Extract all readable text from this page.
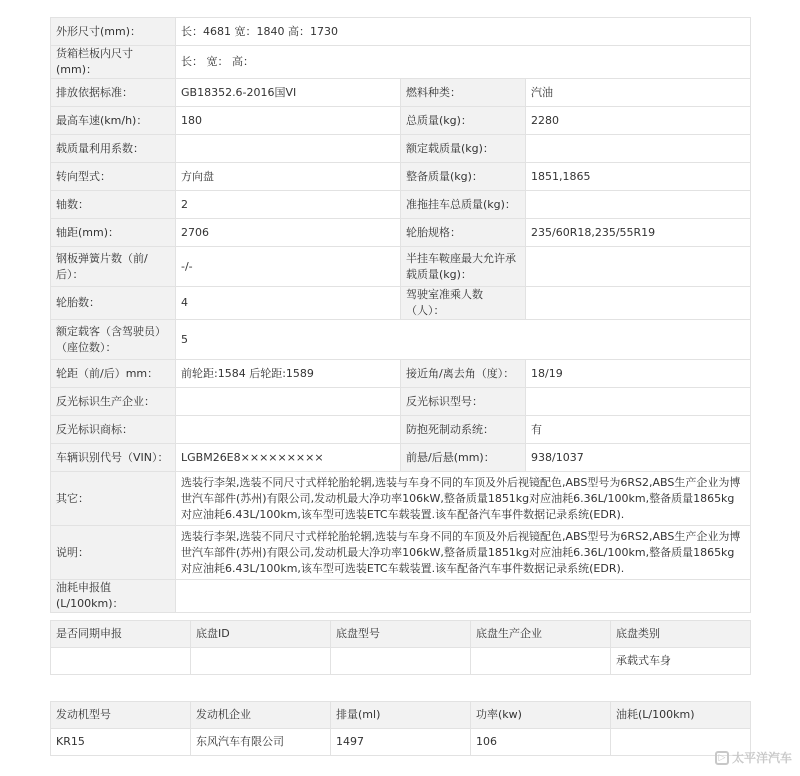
外形尺寸(mm)：	长：4681 宽：1840 高：1730		
货箱栏板内尺寸(mm)：	长： 宽： 高：		
排放依据标准：	GB18352.6-2016国VI	燃料种类：	汽油
最高车速(km/h)：	180	总质量(kg)：	2280
载质量利用系数：		额定载质量(kg)：	
转向型式：	方向盘	整备质量(kg)：	1851,1865
轴数：	2	准拖挂车总质量(kg)：	
轴距(mm)：	2706	轮胎规格：	235/60R18,235/55R19
钢板弹簧片数（前/后）：	-/-	半挂车鞍座最大允许承载质量(kg)：	
轮胎数：	4	驾驶室准乘人数（人）：	
额定载客（含驾驶员）（座位数）：	5		
轮距（前/后）mm：	前轮距:1584 后轮距:1589	接近角/离去角（度）：	18/19
反光标识生产企业：		反光标识型号：	
反光标识商标：		防抱死制动系统：	有
车辆识别代号（VIN）：	LGBM26E8×××××××××	前悬/后悬(mm)：	938/1037
其它：	选装行李架,选装不同尺寸式样轮胎轮辋,选装与车身不同的车顶及外后视镜配色,ABS型号为6RS2,ABS生产企业为博世汽车部件(苏州)有限公司,发动机最大净功率106kW,整备质量1851kg对应油耗6.36L/100km,整备质量1865kg对应油耗6.43L/100km,该车型可选装ETC车载装置.该车配备汽车事件数据记录系统(EDR).		
说明：	选装行李架,选装不同尺寸式样轮胎轮辋,选装与车身不同的车顶及外后视镜配色,ABS型号为6RS2,ABS生产企业为博世汽车部件(苏州)有限公司,发动机最大净功率106kW,整备质量1851kg对应油耗6.36L/100km,整备质量1865kg对应油耗6.43L/100km,该车型可选装ETC车载装置.该车配备汽车事件数据记录系统(EDR).		
油耗申报值(L/100km)：			
是否同期申报	底盘ID	底盘型号	底盘生产企业	底盘类别
				承载式车身
发动机型号	发动机企业	排量(ml)	功率(kw)	油耗(L/100km)
KR15	东风汽车有限公司	1497	106	
▷ 太平洋汽车
